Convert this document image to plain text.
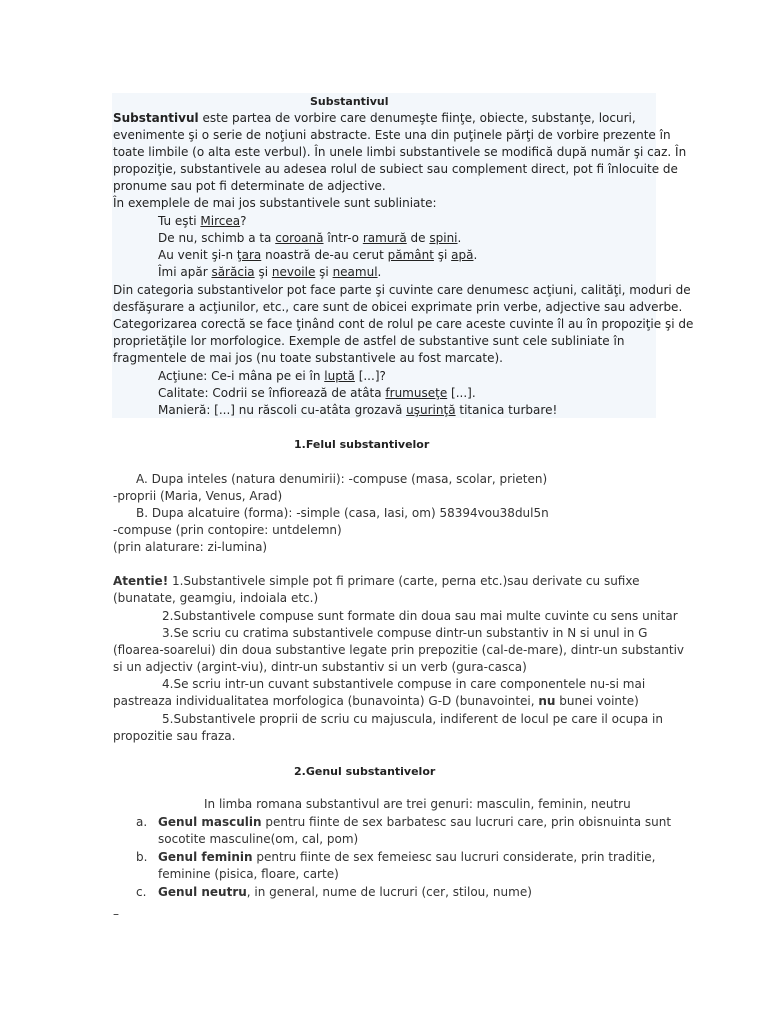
Substantivul
Substantivul este partea de vorbire care denumeşte fiinţe, obiecte, substanţe, locuri,
evenimente şi o serie de noţiuni abstracte. Este una din puţinele părţi de vorbire prezente în
toate limbile (o alta este verbul). În unele limbi substantivele se modifică după număr şi caz. În
propoziţie, substantivele au adesea rolul de subiect sau complement direct, pot fi înlocuite de
pronume sau pot fi determinate de adjective.
În exemplele de mai jos substantivele sunt subliniate:
Tu eşti Mircea?
De nu, schimb a ta coroană într-o ramură de spini.
Au venit şi-n ţara noastră de-au cerut pământ şi apă.
Îmi apăr sărăcia şi nevoile şi neamul.
Din categoria substantivelor pot face parte şi cuvinte care denumesc acţiuni, calităţi, moduri de
desfăşurare a acţiunilor, etc., care sunt de obicei exprimate prin verbe, adjective sau adverbe.
Categorizarea corectă se face ţinând cont de rolul pe care aceste cuvinte îl au în propoziţie şi de
proprietăţile lor morfologice. Exemple de astfel de substantive sunt cele subliniate în
fragmentele de mai jos (nu toate substantivele au fost marcate).
Acţiune: Ce-i mâna pe ei în luptă [...]?
Calitate: Codrii se înfiorează de atâta frumuseţe [...].
Manieră: [...] nu răscoli cu-atâta grozavă uşurinţă titanica turbare!
1.Felul substantivelor
A. Dupa inteles (natura denumirii): -compuse (masa, scolar, prieten)
-proprii (Maria, Venus, Arad)
B. Dupa alcatuire (forma): -simple (casa, Iasi, om) 58394vou38dul5n
-compuse (prin contopire: untdelemn)
(prin alaturare: zi-lumina)
Atentie! 1.Substantivele simple pot fi primare (carte, perna etc.)sau derivate cu sufixe
(bunatate, geamgiu, indoiala etc.)
2.Substantivele compuse sunt formate din doua sau mai multe cuvinte cu sens unitar
3.Se scriu cu cratima substantivele compuse dintr-un substantiv in N si unul in G
(floarea-soarelui) din doua substantive legate prin prepozitie (cal-de-mare), dintr-un substantiv
si un adjectiv (argint-viu), dintr-un substantiv si un verb (gura-casca)
4.Se scriu intr-un cuvant substantivele compuse in care componentele nu-si mai
pastreaza individualitatea morfologica (bunavointa) G-D (bunavointei, nu bunei vointe)
5.Substantivele proprii de scriu cu majuscula, indiferent de locul pe care il ocupa in
propozitie sau fraza.
2.Genul substantivelor
In limba romana substantivul are trei genuri: masculin, feminin, neutru
a. Genul masculin pentru fiinte de sex barbatesc sau lucruri care, prin obisnuinta sunt
socotite masculine(om, cal, pom)
b. Genul feminin pentru fiinte de sex femeiesc sau lucruri considerate, prin traditie,
feminine (pisica, floare, carte)
c. Genul neutru, in general, nume de lucruri (cer, stilou, nume)
–
